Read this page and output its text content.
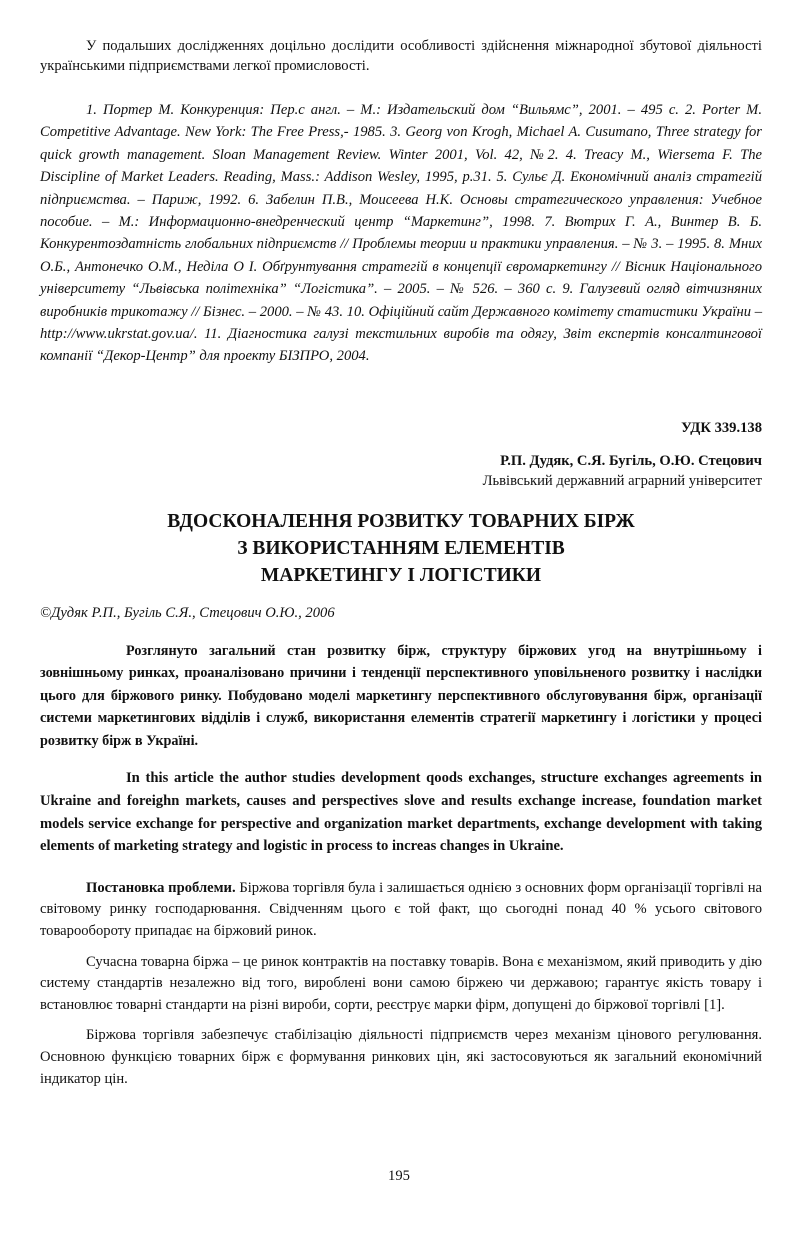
У подальших дослідженнях доцільно дослідити особливості здійснення міжнародної збутової діяльності українськими підприємствами легкої промисловості.

1. Портер М. Конкуренция: Пер.с англ. – М.: Издательский дом “Вильямс”, 2001. – 495 с. 2. Porter M. Competitive Advantage. New York: The Free Press,- 1985. 3. Georg von Krogh, Michael A. Cusumano, Three strategy for quick growth management. Sloan Management Review. Winter 2001, Vol. 42, №2. 4. Treacy M., Wiersema F. The Discipline of Market Leaders. Reading, Mass.: Addison Wesley, 1995, p.31. 5. Сульє Д. Економічний аналіз стратегій підприємства. – Париж, 1992. 6. Забелин П.В., Моисеева Н.К. Основы стратегического управления: Учебное пособие. – М.: Информационно-внедренческий центр “Маркетинг”, 1998. 7. Вютрих Г. А., Винтер В. Б. Конкурентоздатність глобальних підприємств // Проблемы теории и практики управления. – № 3. – 1995. 8. Мних О.Б., Антонечко О.М., Неділа О І. Обґрунтування стратегій в концепції євромаркетингу // Вісник Національного університету “Львівська політехніка” “Логістика”. – 2005. – № 526. – 360 с. 9. Галузевий огляд вітчизняних виробників трикотажу // Бізнес. – 2000. – № 43. 10. Офіційний сайт Державного комітету статистики України – http://www.ukrstat.gov.ua/. 11. Діагностика галузі текстильних виробів та одягу, Звіт експертів консалтингової компанії “Декор-Центр” для проекту БІЗПРО, 2004.

УДК 339.138
Р.П. Дудяк, С.Я. Бугіль, О.Ю. Стецович
Львівський державний аграрний університет
ВДОСКОНАЛЕННЯ РОЗВИТКУ ТОВАРНИХ БІРЖ
З ВИКОРИСТАННЯМ ЕЛЕМЕНТІВ
МАРКЕТИНГУ І ЛОГІСТИКИ
©Дудяк Р.П., Бугіль С.Я., Стецович О.Ю., 2006

Розглянуто загальний стан розвитку бірж, структуру біржових угод на внутрішньому і зовнішньому ринках, проаналізовано причини і тенденції перспективного уповільненого розвитку і наслідки цього для біржового ринку. Побудовано моделі маркетингу перспективного обслуговування бірж, організації системи маркетингових відділів і служб, використання елементів стратегії маркетингу і логістики у процесі розвитку бірж в Україні.

In this article the author studies development qoods exchanges, structure exchanges agreements in Ukraine and foreighn markets, causes and perspectives slove and results exchange increase, foundation market models service exchange for perspective and organization market departments, exchange development with taking elements of marketing strategy and logistic in process to increas changes in Ukraine.

Постановка проблеми. Біржова торгівля була і залишається однією з основних форм організації торгівлі на світовому ринку господарювання. Свідченням цього є той факт, що сьогодні понад 40 % усього світового товарообороту припадає на біржовий ринок.

Сучасна товарна біржа – це ринок контрактів на поставку товарів. Вона є механізмом, який приводить у дію систему стандартів незалежно від того, вироблені вони самою біржею чи державою; гарантує якість товару і встановлює товарні стандарти на різні вироби, сорти, реєструє марки фірм, допущені до біржової торгівлі [1].

Біржова торгівля забезпечує стабілізацію діяльності підприємств через механізм цінового регулювання. Основною функцією товарних бірж є формування ринкових цін, які застосовуються як загальний економічний індикатор цін.

195
